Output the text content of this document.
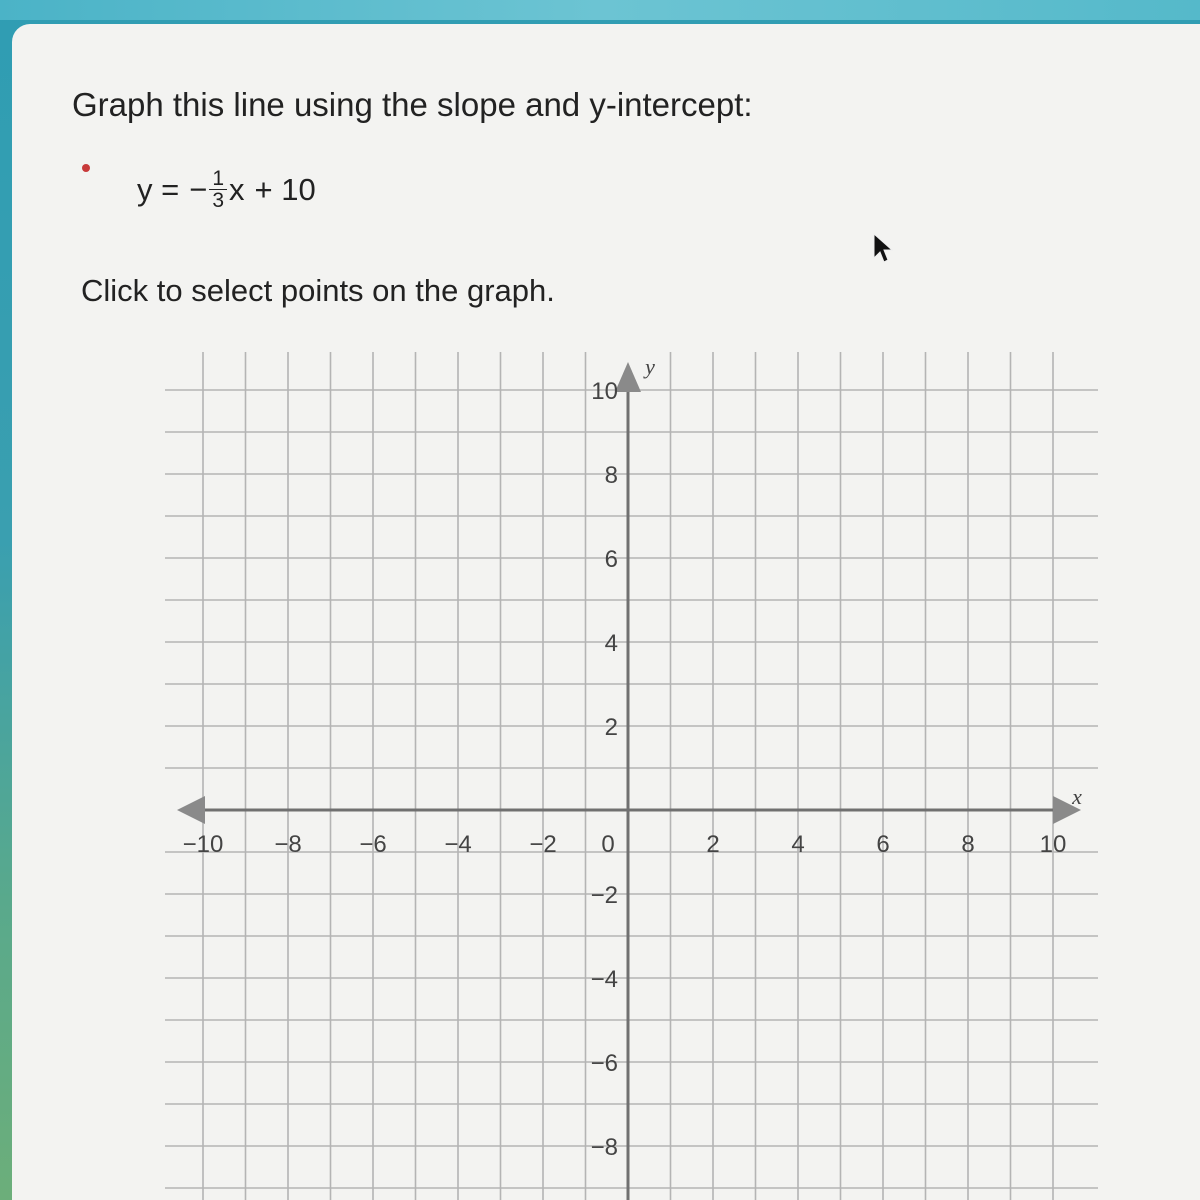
Graph this line using the slope and y-intercept:
y = − $\frac{1}{3}$ x + 10

Click to select points on the graph.

x
y
−10 −8 −6 −4 −2 0	2	4	6	8	10
10
8
6
4
2
−2
−4
−6
−8
